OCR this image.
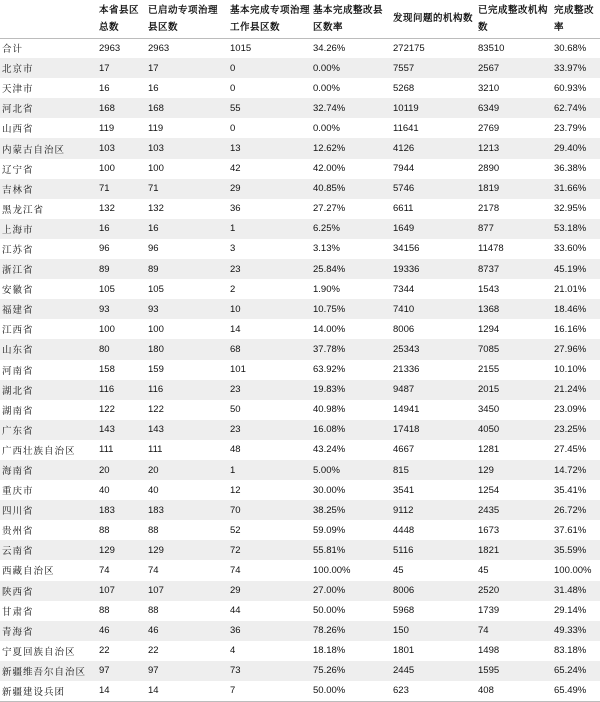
	本省县区总数	已启动专项治理县区数	基本完成专项治理工作县区数	基本完成整改县区数率	发现问题的机构数	已完成整改机构数	完成整改率
合计	2963	2963	1015	34.26%	272175	83510	30.68%
北京市	17	17	0	0.00%	7557	2567	33.97%
天津市	16	16	0	0.00%	5268	3210	60.93%
河北省	168	168	55	32.74%	10119	6349	62.74%
山西省	119	119	0	0.00%	11641	2769	23.79%
内蒙古自治区	103	103	13	12.62%	4126	1213	29.40%
辽宁省	100	100	42	42.00%	7944	2890	36.38%
吉林省	71	71	29	40.85%	5746	1819	31.66%
黑龙江省	132	132	36	27.27%	6611	2178	32.95%
上海市	16	16	1	6.25%	1649	877	53.18%
江苏省	96	96	3	3.13%	34156	11478	33.60%
浙江省	89	89	23	25.84%	19336	8737	45.19%
安徽省	105	105	2	1.90%	7344	1543	21.01%
福建省	93	93	10	10.75%	7410	1368	18.46%
江西省	100	100	14	14.00%	8006	1294	16.16%
山东省	80	180	68	37.78%	25343	7085	27.96%
河南省	158	159	101	63.92%	21336	2155	10.10%
湖北省	116	116	23	19.83%	9487	2015	21.24%
湖南省	122	122	50	40.98%	14941	3450	23.09%
广东省	143	143	23	16.08%	17418	4050	23.25%
广西壮族自治区	111	111	48	43.24%	4667	1281	27.45%
海南省	20	20	1	5.00%	815	129	14.72%
重庆市	40	40	12	30.00%	3541	1254	35.41%
四川省	183	183	70	38.25%	9112	2435	26.72%
贵州省	88	88	52	59.09%	4448	1673	37.61%
云南省	129	129	72	55.81%	5116	1821	35.59%
西藏自治区	74	74	74	100.00%	45	45	100.00%
陕西省	107	107	29	27.00%	8006	2520	31.48%
甘肃省	88	88	44	50.00%	5968	1739	29.14%
青海省	46	46	36	78.26%	150	74	49.33%
宁夏回族自治区	22	22	4	18.18%	1801	1498	83.18%
新疆维吾尔自治区	97	97	73	75.26%	2445	1595	65.24%
新疆建设兵团	14	14	7	50.00%	623	408	65.49%
